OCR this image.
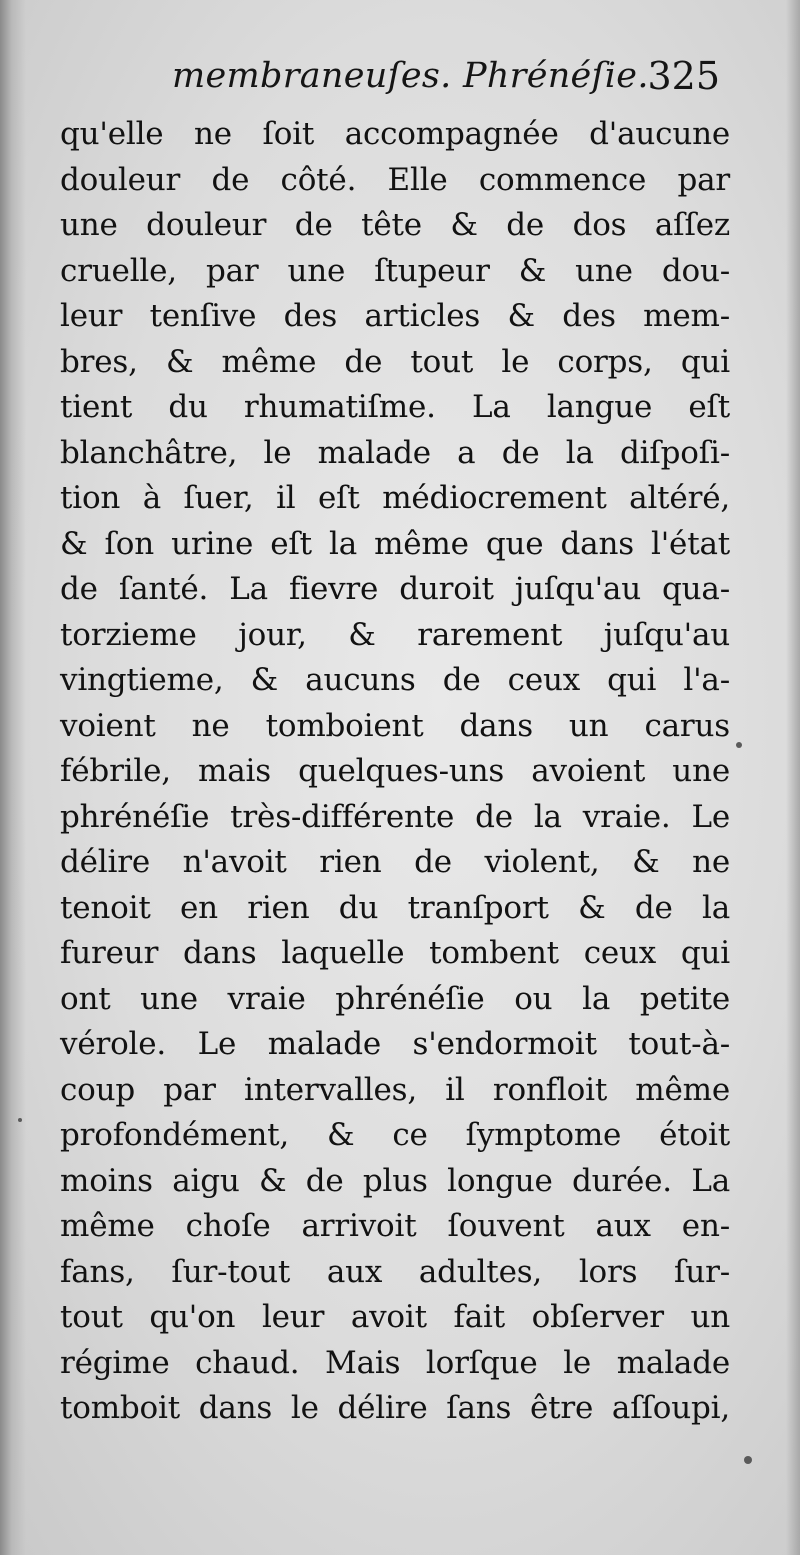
membraneuſes. Phrénéſie.
325
qu'elle ne ſoit accompagnée d'aucune
douleur de côté. Elle commence par
une douleur de tête & de dos aſſez
cruelle, par une ſtupeur & une dou-
leur tenſive des articles & des mem-
bres, & même de tout le corps, qui
tient du rhumatiſme. La langue eſt
blanchâtre, le malade a de la diſpoſi-
tion à ſuer, il eſt médiocrement altéré,
& ſon urine eſt la même que dans l'état
de ſanté. La fievre duroit juſqu'au qua-
torzieme jour, & rarement juſqu'au
vingtieme, & aucuns de ceux qui l'a-
voient ne tomboient dans un carus
fébrile, mais quelques-uns avoient une
phrénéſie très-différente de la vraie. Le
délire n'avoit rien de violent, & ne
tenoit en rien du tranſport & de la
fureur dans laquelle tombent ceux qui
ont une vraie phrénéſie ou la petite
vérole. Le malade s'endormoit tout-à-
coup par intervalles, il ronfloit même
profondément, & ce ſymptome étoit
moins aigu & de plus longue durée. La
même choſe arrivoit ſouvent aux en-
fans, ſur-tout aux adultes, lors ſur-
tout qu'on leur avoit fait obſerver un
régime chaud. Mais lorſque le malade
tomboit dans le délire ſans être aſſoupi,
